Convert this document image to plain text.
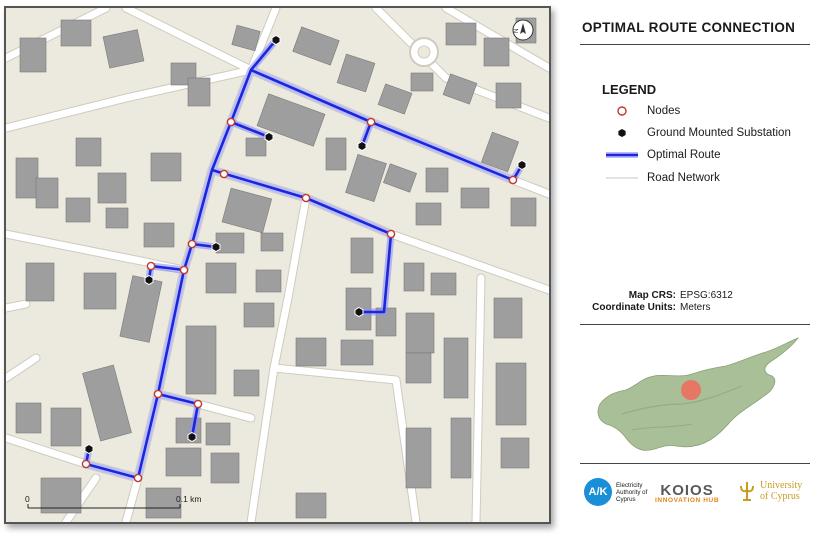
N
0	0.1 km
OPTIMAL ROUTE CONNECTION
LEGEND
Nodes
Ground Mounted Substation
Optimal Route
Road Network
Map CRS: EPSG:6312
Coordinate Units: Meters
A/K
Electricity Authority of Cyprus	KOIOS
INNOVATION HUB
University
of Cyprus
